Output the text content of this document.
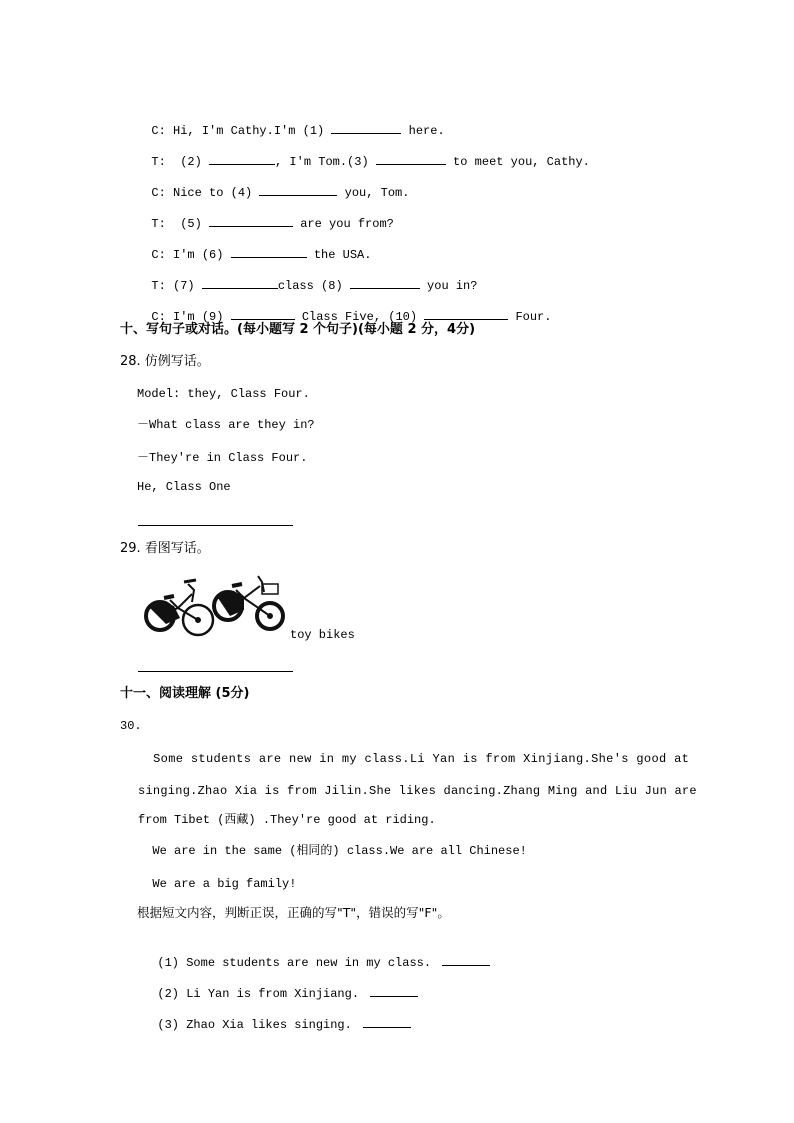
C: Hi, I'm Cathy.I'm (1)	here.

T: (2)	, I'm Tom.(3)	to meet you, Cathy.

C: Nice to (4)	you, Tom.

T: (5)	are you from?

C: I'm (6)	the USA.

T: (7)	class (8)	you in?

C: I'm (9)	Class Five, (10)	Four.

十、写句子或对话。(每小题写 2 个句子)(每小题 2 分，4分)
28. 仿例写话。
Model: they, Class Four.
－What class are they in?
－They're in Class Four.
He, Class One
29. 看图写话。
toy bikes
十一、阅读理解 (5分)
30.
Some students are new in my class.Li Yan is from Xinjiang.She's good at
singing.Zhao Xia is from Jilin.She likes dancing.Zhang Ming and Liu Jun are
from Tibet (西藏) .They're good at riding.
We are in the same (相同的) class.We are all Chinese!
We are a big family!
根据短文内容，判断正误，正确的写"T"，错误的写"F"。

(1) Some students are new in my class.

(2) Li Yan is from Xinjiang.

(3) Zhao Xia likes singing.
